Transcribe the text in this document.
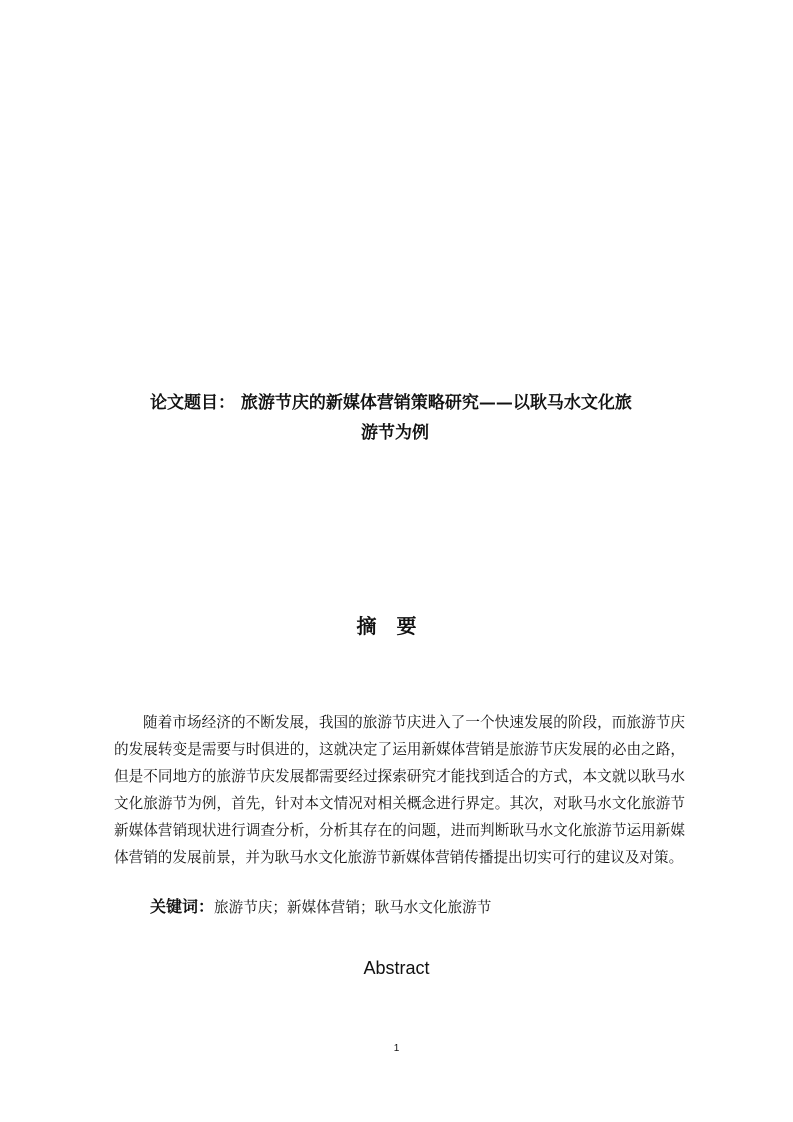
论文题目： 旅游节庆的新媒体营销策略研究——以耿马水文化旅
游节为例
摘要
随着市场经济的不断发展，我国的旅游节庆进入了一个快速发展的阶段，而旅游节庆的发展转变是需要与时俱进的，这就决定了运用新媒体营销是旅游节庆发展的必由之路，但是不同地方的旅游节庆发展都需要经过探索研究才能找到适合的方式，本文就以耿马水文化旅游节为例，首先，针对本文情况对相关概念进行界定。其次，对耿马水文化旅游节新媒体营销现状进行调查分析，分析其存在的问题，进而判断耿马水文化旅游节运用新媒体营销的发展前景，并为耿马水文化旅游节新媒体营销传播提出切实可行的建议及对策。
关键词：旅游节庆；新媒体营销；耿马水文化旅游节
Abstract
1
